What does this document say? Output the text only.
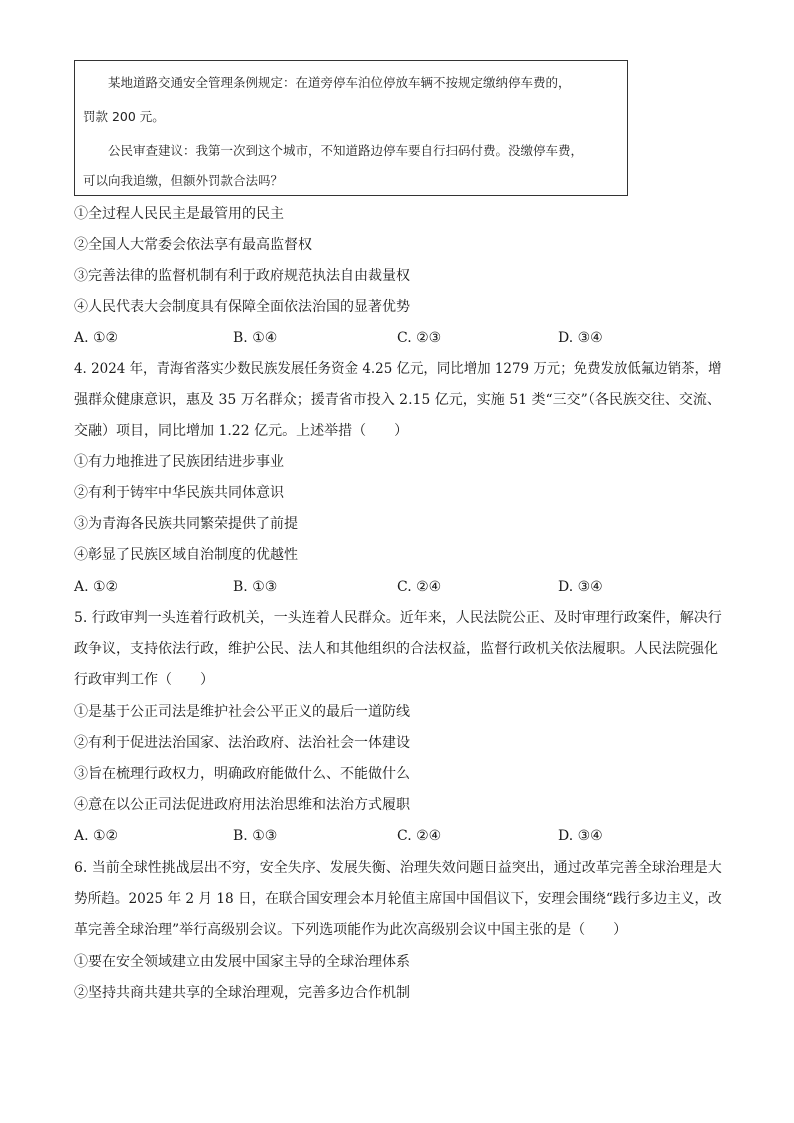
　　某地道路交通安全管理条例规定：在道旁停车泊位停放车辆不按规定缴纳停车费的，
罚款 200 元。
　　公民审查建议：我第一次到这个城市，不知道路边停车要自行扫码付费。没缴停车费，
可以向我追缴，但额外罚款合法吗？
①全过程人民民主是最管用的民主
②全国人大常委会依法享有最高监督权
③完善法律的监督机制有利于政府规范执法自由裁量权
④人民代表大会制度具有保障全面依法治国的显著优势
A. ①②	B. ①④	C. ②③	D. ③④
4. 2024 年，青海省落实少数民族发展任务资金 4.25 亿元，同比增加 1279 万元；免费发放低氟边销茶，增
强群众健康意识，惠及 35 万名群众；援青省市投入 2.15 亿元，实施 51 类“三交”（各民族交往、交流、
交融）项目，同比增加 1.22 亿元。上述举措（　　）
①有力地推进了民族团结进步事业
②有利于铸牢中华民族共同体意识
③为青海各民族共同繁荣提供了前提
④彰显了民族区域自治制度的优越性
A. ①②	B. ①③	C. ②④	D. ③④
5. 行政审判一头连着行政机关，一头连着人民群众。近年来，人民法院公正、及时审理行政案件，解决行
政争议，支持依法行政，维护公民、法人和其他组织的合法权益，监督行政机关依法履职。人民法院强化
行政审判工作（　　）
①是基于公正司法是维护社会公平正义的最后一道防线
②有利于促进法治国家、法治政府、法治社会一体建设
③旨在梳理行政权力，明确政府能做什么、不能做什么
④意在以公正司法促进政府用法治思维和法治方式履职
A. ①②	B. ①③	C. ②④	D. ③④
6. 当前全球性挑战层出不穷，安全失序、发展失衡、治理失效问题日益突出，通过改革完善全球治理是大
势所趋。2025 年 2 月 18 日，在联合国安理会本月轮值主席国中国倡议下，安理会围绕“践行多边主义，改
革完善全球治理”举行高级别会议。下列选项能作为此次高级别会议中国主张的是（　　）
①要在安全领域建立由发展中国家主导的全球治理体系
②坚持共商共建共享的全球治理观，完善多边合作机制
